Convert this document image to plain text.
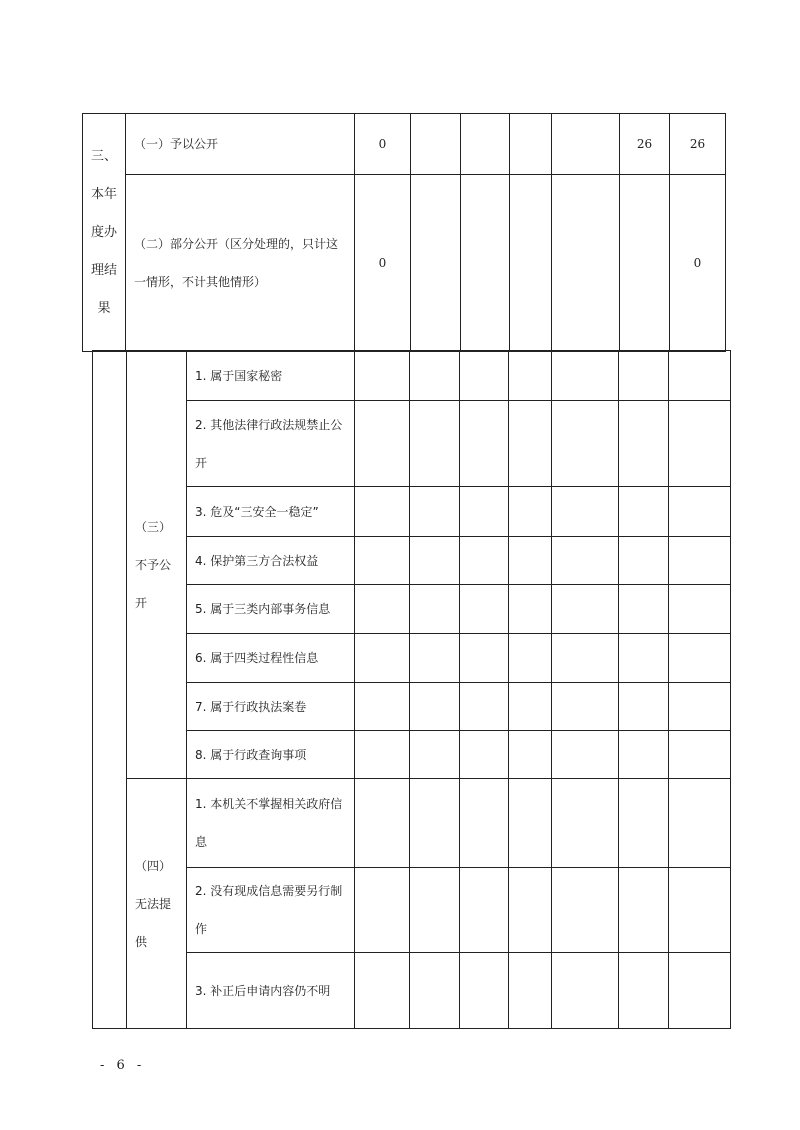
三、本年度办理结果	（一）予以公开	0					26	26
	（二）部分公开（区分处理的，只计这一情形，不计其他情形）	0						0
	（三）不予公开	1. 属于国家秘密							
		2. 其他法律行政法规禁止公开							
		3. 危及“三安全一稳定”							
		4. 保护第三方合法权益							
		5. 属于三类内部事务信息							
		6. 属于四类过程性信息							
		7. 属于行政执法案卷							
		8. 属于行政查询事项							
	（四）无法提供	1. 本机关不掌握相关政府信息							
		2. 没有现成信息需要另行制作							
		3. 补正后申请内容仍不明							
- 6 -
